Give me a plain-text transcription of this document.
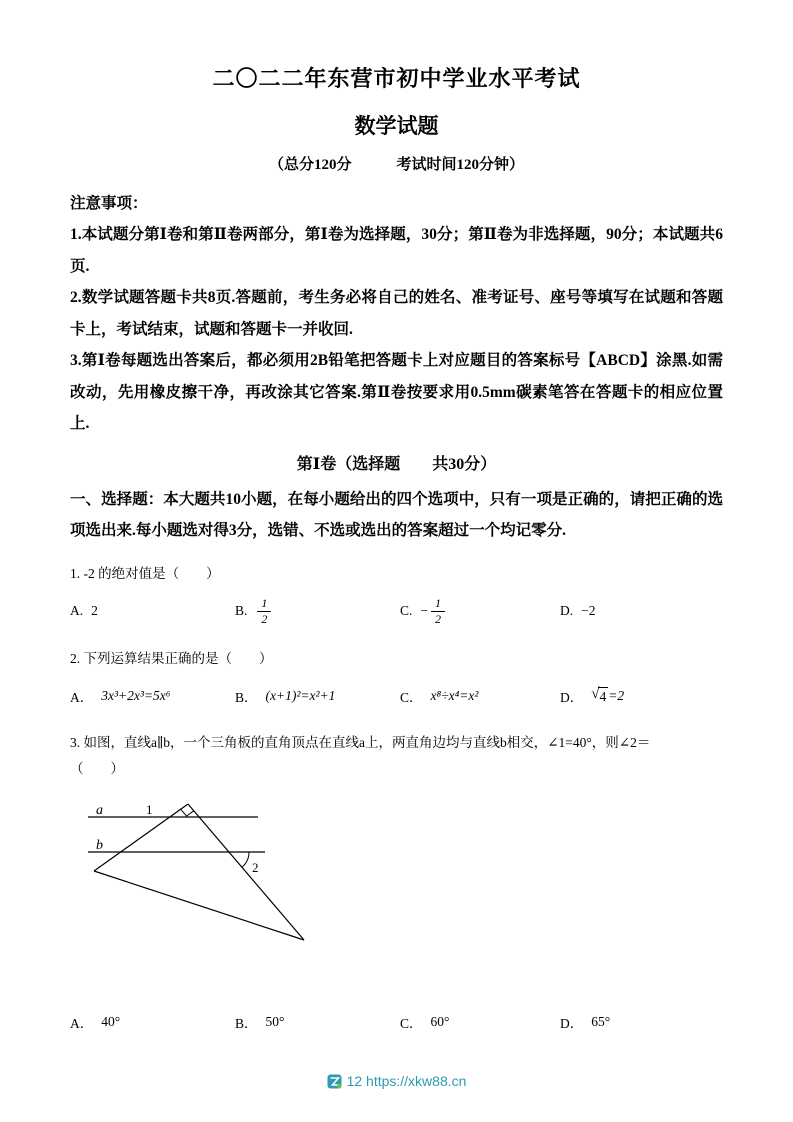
二〇二二年东营市初中学业水平考试
数学试题
（总分120分　　　考试时间120分钟）
注意事项：
1.本试题分第Ⅰ卷和第Ⅱ卷两部分，第Ⅰ卷为选择题，30分；第Ⅱ卷为非选择题，90分；本试题共6页.
2.数学试题答题卡共8页.答题前，考生务必将自己的姓名、准考证号、座号等填写在试题和答题卡上，考试结束，试题和答题卡一并收回.
3.第Ⅰ卷每题选出答案后，都必须用2B铅笔把答题卡上对应题目的答案标号【ABCD】涂黑.如需改动，先用橡皮擦干净，再改涂其它答案.第Ⅱ卷按要求用0.5mm碳素笔答在答题卡的相应位置上.
第Ⅰ卷（选择题　　共30分）
一、选择题：本大题共10小题，在每小题给出的四个选项中，只有一项是正确的，请把正确的选项选出来.每小题选对得3分，选错、不选或选出的答案超过一个均记零分.
1. -2 的绝对值是（　　）
A. 2	B. $\frac{1}{2}$	C. − $\frac{1}{2}$	D. −2
2. 下列运算结果正确的是（　　）
A． 3x³+2x³=5x⁶	B． (x+1)²=x²+1	C． x⁸÷x⁴=x²	D． √ 4 =2
3. 如图，直线a∥b，一个三角板的直角顶点在直线a上，两直角边均与直线b相交，∠1=40°，则∠2＝
（　　）
a
b
1
2
A． 40°	B． 50°	C． 60°	D． 65°
12 https://xkw88.cn
